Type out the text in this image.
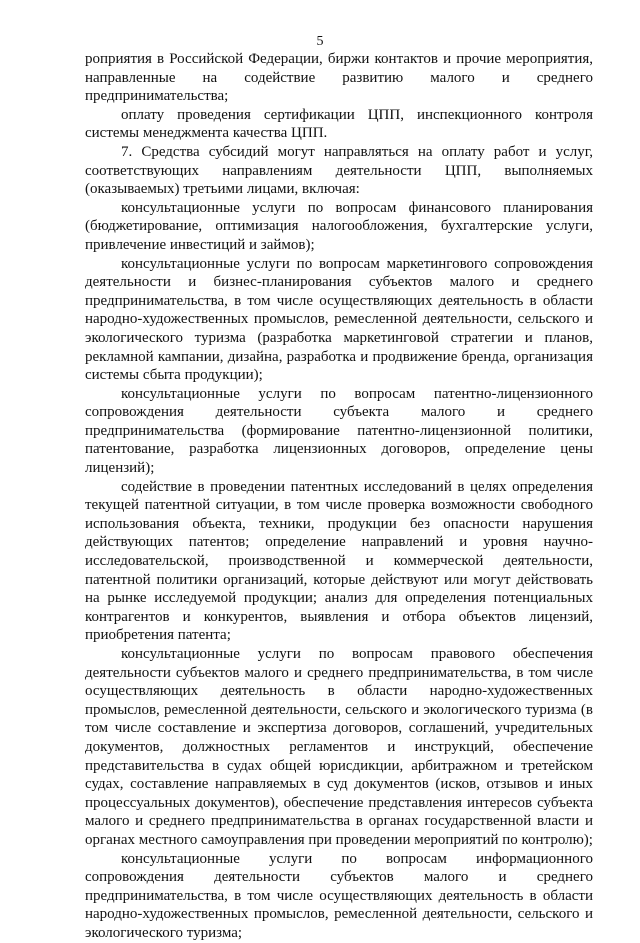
5

роприятия в Российской Федерации, биржи контактов и прочие мероприятия, направленные на содействие развитию малого и среднего предпринимательства;

оплату проведения сертификации ЦПП, инспекционного контроля системы менеджмента качества ЦПП.

7. Средства субсидий могут направляться на оплату работ и услуг, соответствующих направлениям деятельности ЦПП, выполняемых (оказываемых) третьими лицами, включая:

консультационные услуги по вопросам финансового планирования (бюджетирование, оптимизация налогообложения, бухгалтерские услуги, привлечение инвестиций и займов);

консультационные услуги по вопросам маркетингового сопровождения деятельности и бизнес-планирования субъектов малого и среднего предпринимательства, в том числе осуществляющих деятельность в области народно-художественных промыслов, ремесленной деятельности, сельского и экологического туризма (разработка маркетинговой стратегии и планов, рекламной кампании, дизайна, разработка и продвижение бренда, организация системы сбыта продукции);

консультационные услуги по вопросам патентно-лицензионного сопровождения деятельности субъекта малого и среднего предпринимательства (формирование патентно-лицензионной политики, патентование, разработка лицензионных договоров, определение цены лицензий);

содействие в проведении патентных исследований в целях определения текущей патентной ситуации, в том числе проверка возможности свободного использования объекта, техники, продукции без опасности нарушения действующих патентов; определение направлений и уровня научно-исследовательской, производственной и коммерческой деятельности, патентной политики организаций, которые действуют или могут действовать на рынке исследуемой продукции; анализ для определения потенциальных контрагентов и конкурентов, выявления и отбора объектов лицензий, приобретения патента;

консультационные услуги по вопросам правового обеспечения деятельности субъектов малого и среднего предпринимательства, в том числе осуществляющих деятельность в области народно-художественных промыслов, ремесленной деятельности, сельского и экологического туризма (в том числе составление и экспертиза договоров, соглашений, учредительных документов, должностных регламентов и инструкций, обеспечение представительства в судах общей юрисдикции, арбитражном и третейском судах, составление направляемых в суд документов (исков, отзывов и иных процессуальных документов), обеспечение представления интересов субъекта малого и среднего предпринимательства в органах государственной власти и органах местного самоуправления при проведении мероприятий по контролю);

консультационные услуги по вопросам информационного сопровождения деятельности субъектов малого и среднего предпринимательства, в том числе осуществляющих деятельность в области народно-художественных промыслов, ремесленной деятельности, сельского и экологического туризма;
